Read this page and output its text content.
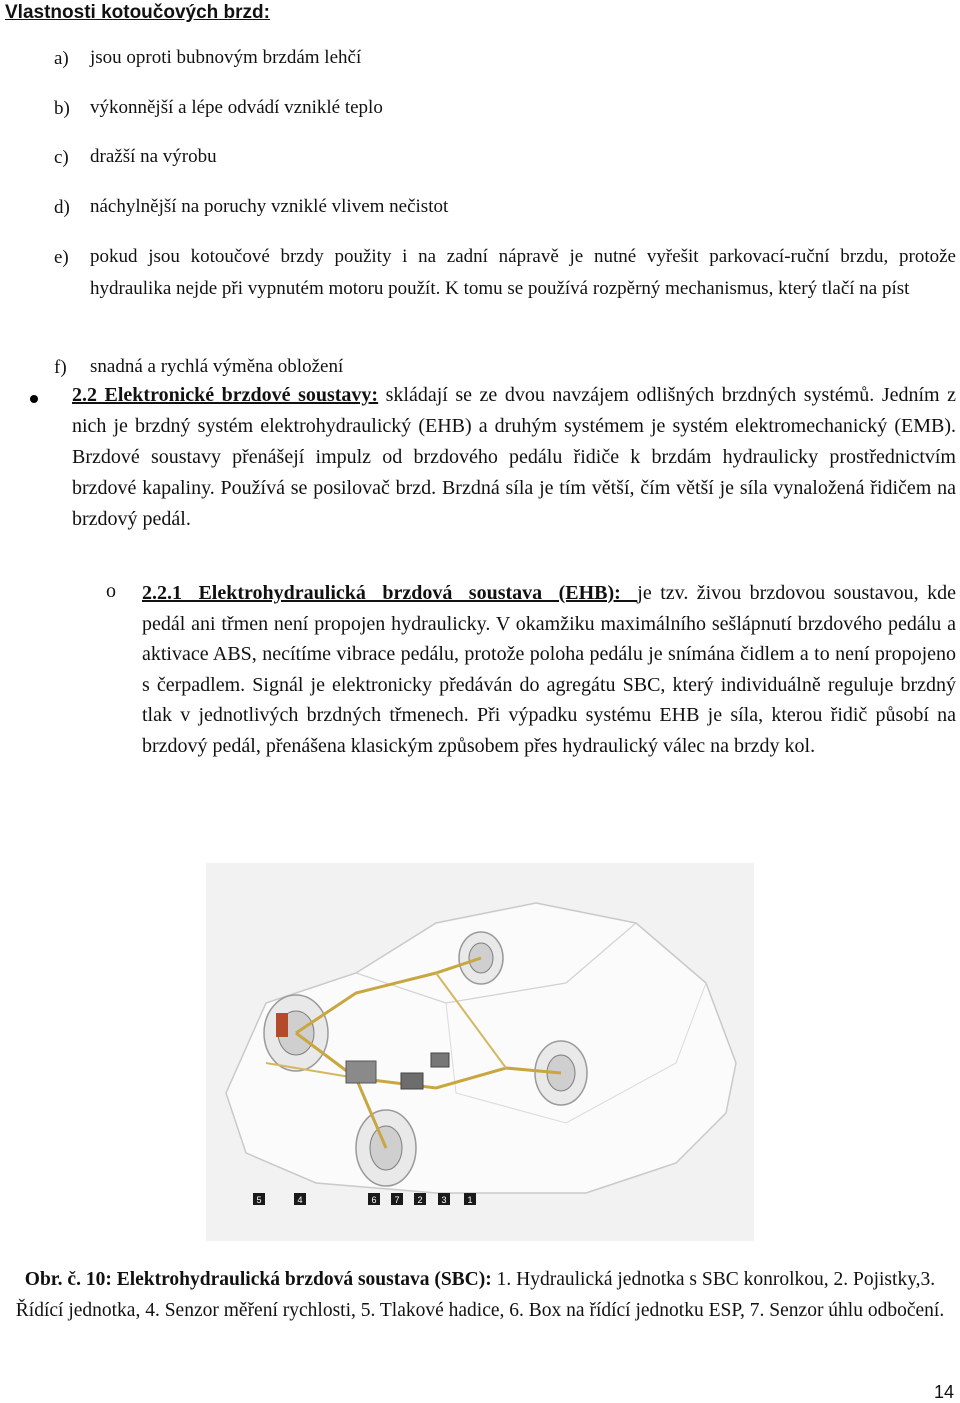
Vlastnosti kotoučových brzd:
a) jsou oproti bubnovým brzdám lehčí
b) výkonnější a lépe odvádí vzniklé teplo
c) dražší na výrobu
d) náchylnější na poruchy vzniklé vlivem nečistot
e) pokud jsou kotoučové brzdy použity i na zadní nápravě je nutné vyřešit parkovací-ruční brzdu, protože hydraulika nejde při vypnutém motoru použít. K tomu se používá rozpěrný mechanismus, který tlačí na píst
f) snadná a rychlá výměna obložení
2.2 Elektronické brzdové soustavy: skládají se ze dvou navzájem odlišných brzdných systémů. Jedním z nich je brzdný systém elektrohydraulický (EHB) a druhým systémem je systém elektromechanický (EMB). Brzdové soustavy přenášejí impulz od brzdového pedálu řidiče k brzdám hydraulicky prostřednictvím brzdové kapaliny. Používá se posilovač brzd. Brzdná síla je tím větší, čím větší je síla vynaložená řidičem na brzdový pedál.
o 2.2.1 Elektrohydraulická brzdová soustava (EHB): je tzv. živou brzdovou soustavou, kde pedál ani třmen není propojen hydraulicky. V okamžiku maximálního sešlápnutí brzdového pedálu a aktivace ABS, necítíme vibrace pedálu, protože poloha pedálu je snímána čidlem a to není propojeno s čerpadlem. Signál je elektronicky předáván do agregátu SBC, který individuálně reguluje brzdný tlak v jednotlivých brzdných třmenech. Při výpadku systému EHB je síla, kterou řidič působí na brzdový pedál, přenášena klasickým způsobem přes hydraulický válec na brzdy kol.
5	4	6 7 2 3 1
Obr. č. 10: Elektrohydraulická brzdová soustava (SBC): 1. Hydraulická jednotka s SBC konrolkou, 2. Pojistky,3. Řídící jednotka, 4. Senzor měření rychlosti, 5. Tlakové hadice, 6. Box na řídící jednotku ESP, 7. Senzor úhlu odbočení.
14
